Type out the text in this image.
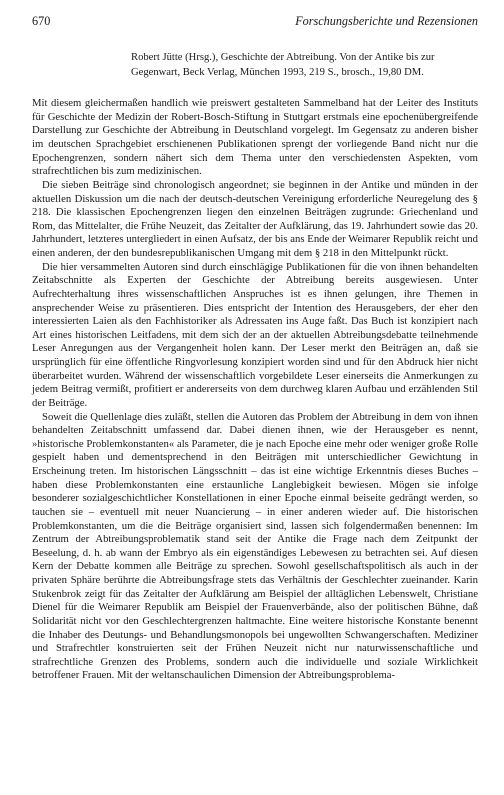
670	Forschungsberichte und Rezensionen
Robert Jütte (Hrsg.), Geschichte der Abtreibung. Von der Antike bis zur Gegenwart, Beck Verlag, München 1993, 219 S., brosch., 19,80 DM.

Mit diesem gleichermaßen handlich wie preiswert gestalteten Sammelband hat der Leiter des Instituts für Geschichte der Medizin der Robert-Bosch-Stiftung in Stuttgart erstmals eine epochenübergreifende Darstellung zur Geschichte der Abtreibung in Deutschland vorgelegt. Im Gegensatz zu anderen bisher im deutschen Sprachgebiet erschienenen Publikationen sprengt der vorliegende Band nicht nur die Epochengrenzen, sondern nähert sich dem Thema unter den verschiedensten Aspekten, vom strafrechtlichen bis zum medizinischen.

Die sieben Beiträge sind chronologisch angeordnet; sie beginnen in der Antike und münden in der aktuellen Diskussion um die nach der deutsch-deutschen Vereinigung erforderliche Neuregelung des § 218. Die klassischen Epochengrenzen liegen den einzelnen Beiträgen zugrunde: Griechenland und Rom, das Mittelalter, die Frühe Neuzeit, das Zeitalter der Aufklärung, das 19. Jahrhundert sowie das 20. Jahrhundert, letzteres untergliedert in einen Aufsatz, der bis ans Ende der Weimarer Republik reicht und einen anderen, der den bundesrepublikanischen Umgang mit dem § 218 in den Mittelpunkt rückt.

Die hier versammelten Autoren sind durch einschlägige Publikationen für die von ihnen behandelten Zeitabschnitte als Experten der Geschichte der Abtreibung bereits ausgewiesen. Unter Aufrechterhaltung ihres wissenschaftlichen Anspruches ist es ihnen gelungen, ihre Themen in ansprechender Weise zu präsentieren. Dies entspricht der Intention des Herausgebers, der eher den interessierten Laien als den Fachhistoriker als Adressaten ins Auge faßt. Das Buch ist konzipiert nach Art eines historischen Leitfadens, mit dem sich der an der aktuellen Abtreibungsdebatte teilnehmende Leser Anregungen aus der Vergangenheit holen kann. Der Leser merkt den Beiträgen an, daß sie ursprünglich für eine öffentliche Ringvorlesung konzipiert worden sind und für den Abdruck hier nicht überarbeitet wurden. Während der wissenschaftlich vorgebildete Leser einerseits die Anmerkungen zu jedem Beitrag vermißt, profitiert er andererseits von dem durchweg klaren Aufbau und erzählenden Stil der Beiträge.

Soweit die Quellenlage dies zuläßt, stellen die Autoren das Problem der Abtreibung in dem von ihnen behandelten Zeitabschnitt umfassend dar. Dabei dienen ihnen, wie der Herausgeber es nennt, »historische Problemkonstanten« als Parameter, die je nach Epoche eine mehr oder weniger große Rolle gespielt haben und dementsprechend in den Beiträgen mit unterschiedlicher Gewichtung in Erscheinung treten. Im historischen Längsschnitt – das ist eine wichtige Erkenntnis dieses Buches – haben diese Problemkonstanten eine erstaunliche Langlebigkeit bewiesen. Mögen sie infolge besonderer sozialgeschichtlicher Konstellationen in einer Epoche einmal beiseite gedrängt werden, so tauchen sie – eventuell mit neuer Nuancierung – in einer anderen wieder auf. Die historischen Problemkonstanten, um die die Beiträge organisiert sind, lassen sich folgendermaßen benennen: Im Zentrum der Abtreibungsproblematik stand seit der Antike die Frage nach dem Zeitpunkt der Beseelung, d. h. ab wann der Embryo als ein eigenständiges Lebewesen zu betrachten sei. Auf diesen Kern der Debatte kommen alle Beiträge zu sprechen. Sowohl gesellschaftspolitisch als auch in der privaten Sphäre berührte die Abtreibungsfrage stets das Verhältnis der Geschlechter zueinander. Karin Stukenbrok zeigt für das Zeitalter der Aufklärung am Beispiel der alltäglichen Lebenswelt, Christiane Dienel für die Weimarer Republik am Beispiel der Frauenverbände, also der politischen Bühne, daß Solidarität nicht vor den Geschlechtergrenzen haltmachte. Eine weitere historische Konstante benennt die Inhaber des Deutungs- und Behandlungsmonopols bei ungewollten Schwangerschaften. Mediziner und Strafrechtler konstruierten seit der Frühen Neuzeit nicht nur naturwissenschaftliche und strafrechtliche Grenzen des Problems, sondern auch die individuelle und soziale Wirklichkeit betroffener Frauen. Mit der weltanschaulichen Dimension der Abtreibungsproblema-
